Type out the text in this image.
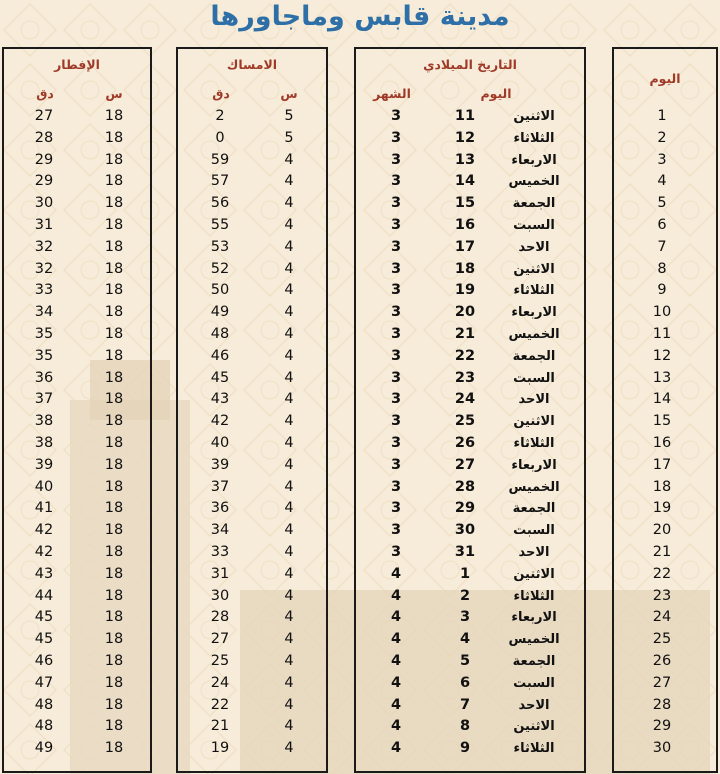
مدينة قابس وماجاورها
الإفطار
س
دق
18
27
18
28
18
29
18
29
18
30
18
31
18
32
18
32
18
33
18
34
18
35
18
35
18
36
18
37
18
38
18
38
18
39
18
40
18
41
18
42
18
42
18
43
18
44
18
45
18
45
18
46
18
47
18
48
18
48
18
49
الامساك
س
دق
5
2
5
0
4
59
4
57
4
56
4
55
4
53
4
52
4
50
4
49
4
48
4
46
4
45
4
43
4
42
4
40
4
39
4
37
4
36
4
34
4
33
4
31
4
30
4
28
4
27
4
25
4
24
4
22
4
21
4
19
التاريخ الميلادي
اليوم
الشهر
الاثنين
11
3
الثلاثاء
12
3
الاربعاء
13
3
الخميس
14
3
الجمعة
15
3
السبت
16
3
الاحد
17
3
الاثنين
18
3
الثلاثاء
19
3
الاربعاء
20
3
الخميس
21
3
الجمعة
22
3
السبت
23
3
الاحد
24
3
الاثنين
25
3
الثلاثاء
26
3
الاربعاء
27
3
الخميس
28
3
الجمعة
29
3
السبت
30
3
الاحد
31
3
الاثنين
1
4
الثلاثاء
2
4
الاربعاء
3
4
الخميس
4
4
الجمعة
5
4
السبت
6
4
الاحد
7
4
الاثنين
8
4
الثلاثاء
9
4
اليوم
1
2
3
4
5
6
7
8
9
10
11
12
13
14
15
16
17
18
19
20
21
22
23
24
25
26
27
28
29
30
